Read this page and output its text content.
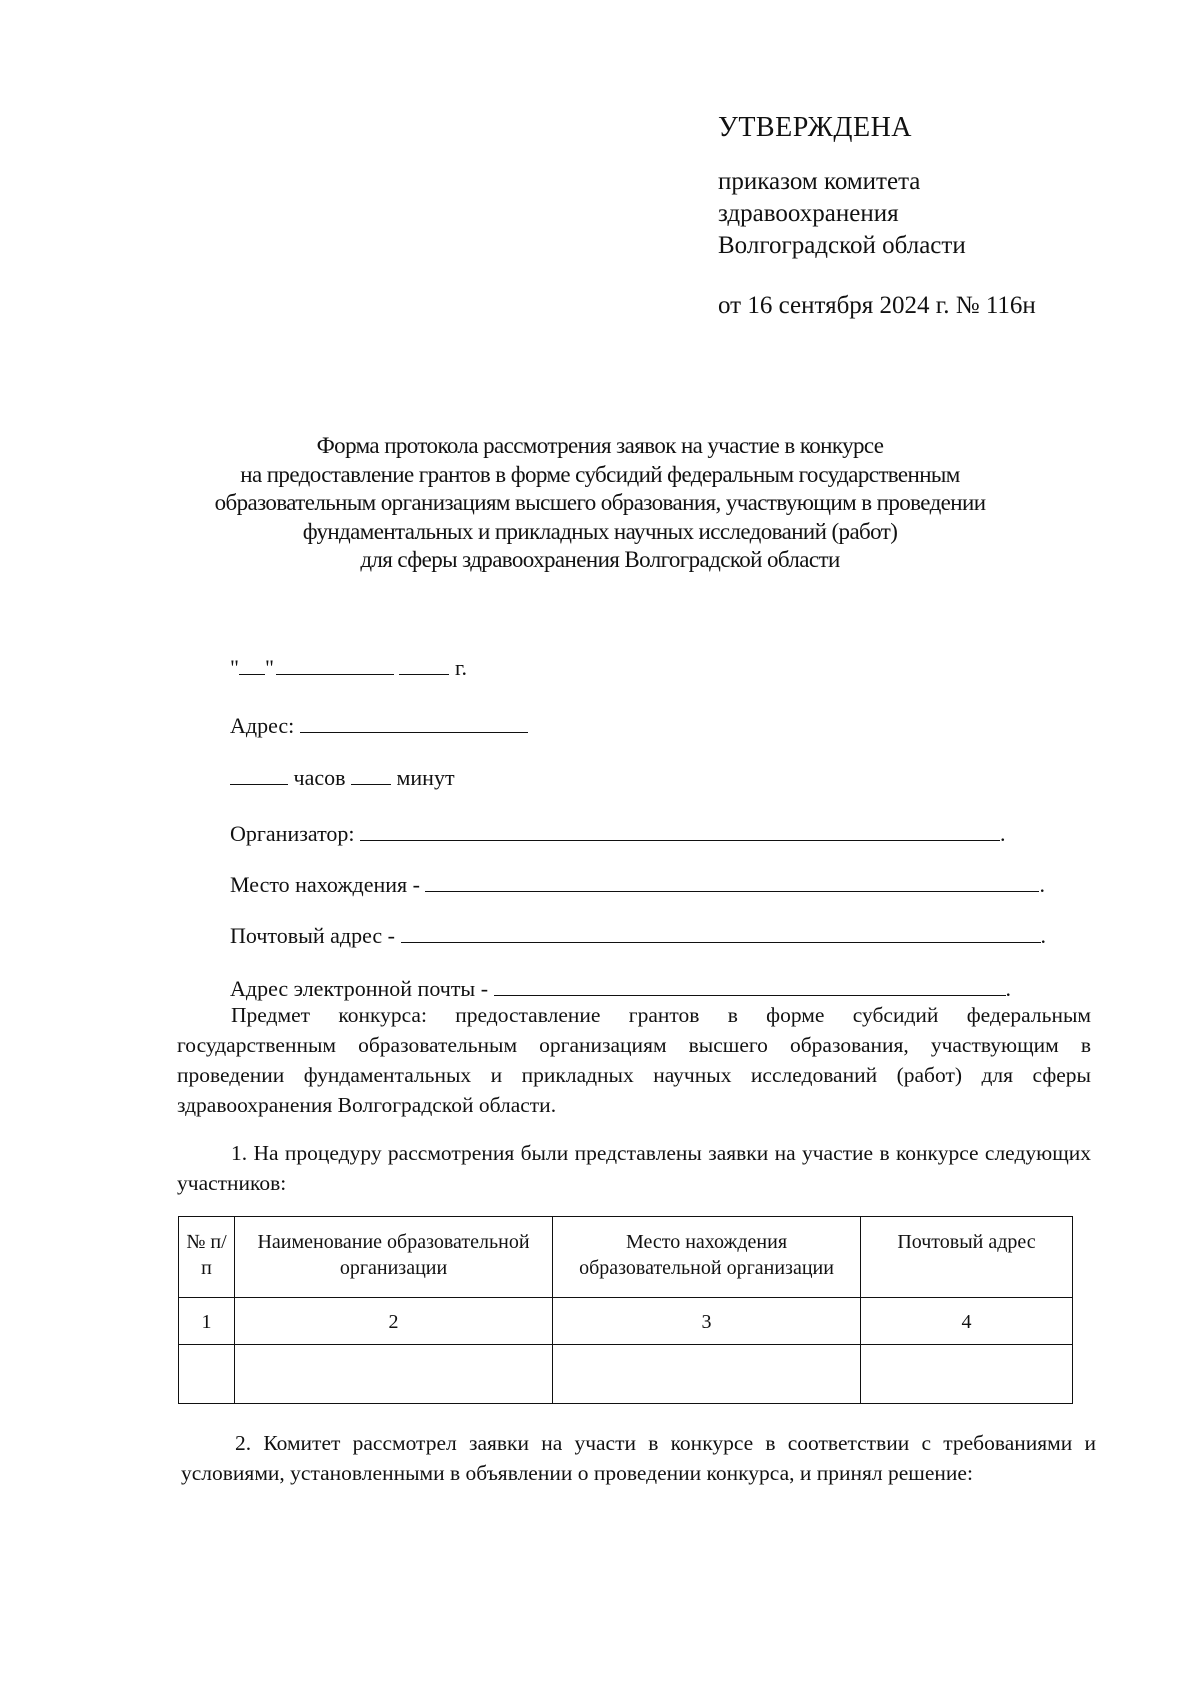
УТВЕРЖДЕНА
приказом комитета
здравоохранения
Волгоградской области
от 16 сентября 2024 г. № 116н
Форма протокола рассмотрения заявок на участие в конкурсе
на предоставление грантов в форме субсидий федеральным государственным
образовательным организациям высшего образования, участвующим в проведении
фундаментальных и прикладных научных исследований (работ)
для сферы здравоохранения Волгоградской области
" "	г.
Адрес:
часов минут
Организатор:	.
Место нахождения -	.
Почтовый адрес -	.
Адрес электронной почты -	.
Предмет конкурса: предоставление грантов в форме субсидий федеральным государственным образовательным организациям высшего образования, участвующим в проведении фундаментальных и прикладных научных исследований (работ) для сферы здравоохранения Волгоградской области.
1. На процедуру рассмотрения были представлены заявки на участие в конкурсе следующих участников:
№ п/п	Наименование образовательной организации	Место нахождения образовательной организации	Почтовый адрес
1	2	3	4

2. Комитет рассмотрел заявки на участи в конкурсе в соответствии с требованиями и условиями, установленными в объявлении о проведении конкурса, и принял решение:
